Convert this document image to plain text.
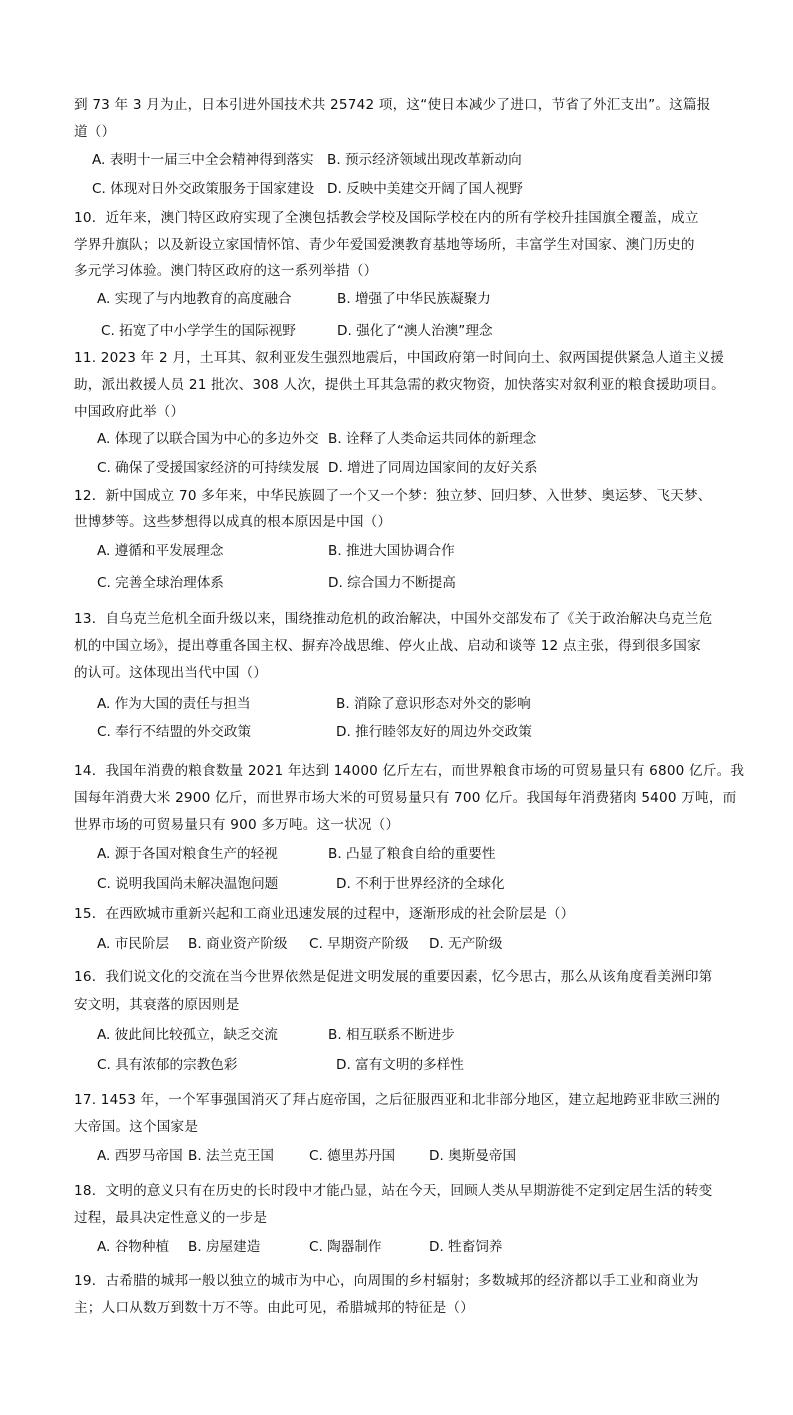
到 73 年 3 月为止，日本引进外国技术共 25742 项，这“使日本减少了进口，节省了外汇支出”。这篇报
道（）
A. 表明十一届三中全会精神得到落实 B. 预示经济领域出现改革新动向
C. 体现对日外交政策服务于国家建设 D. 反映中美建交开阔了国人视野
10．近年来，澳门特区政府实现了全澳包括教会学校及国际学校在内的所有学校升挂国旗全覆盖，成立
学界升旗队；以及新设立家国情怀馆、青少年爱国爱澳教育基地等场所，丰富学生对国家、澳门历史的
多元学习体验。澳门特区政府的这一系列举措（）
A. 实现了与内地教育的高度融合	B. 增强了中华民族凝聚力
C. 拓宽了中小学学生的国际视野	D. 强化了“澳人治澳”理念
11. 2023 年 2 月，土耳其、叙利亚发生强烈地震后，中国政府第一时间向土、叙两国提供紧急人道主义援
助，派出救援人员 21 批次、308 人次，提供土耳其急需的救灾物资，加快落实对叙利亚的粮食援助项目。
中国政府此举（）
A. 体现了以联合国为中心的多边外交 B. 诠释了人类命运共同体的新理念
C. 确保了受援国家经济的可持续发展 D. 增进了同周边国家间的友好关系
12．新中国成立 70 多年来，中华民族圆了一个又一个梦：独立梦、回归梦、入世梦、奥运梦、飞天梦、
世博梦等。这些梦想得以成真的根本原因是中国（）
A. 遵循和平发展理念	B. 推进大国协调合作
C. 完善全球治理体系	D. 综合国力不断提高
13．自乌克兰危机全面升级以来，围绕推动危机的政治解决，中国外交部发布了《关于政治解决乌克兰危
机的中国立场》，提出尊重各国主权、摒弃冷战思维、停火止战、启动和谈等 12 点主张，得到很多国家
的认可。这体现出当代中国（）
A. 作为大国的责任与担当	B. 消除了意识形态对外交的影响
C. 奉行不结盟的外交政策	D. 推行睦邻友好的周边外交政策
14．我国年消费的粮食数量 2021 年达到 14000 亿斤左右，而世界粮食市场的可贸易量只有 6800 亿斤。我
国每年消费大米 2900 亿斤，而世界市场大米的可贸易量只有 700 亿斤。我国每年消费猪肉 5400 万吨，而
世界市场的可贸易量只有 900 多万吨。这一状况（）
A. 源于各国对粮食生产的轻视	B. 凸显了粮食自给的重要性
C. 说明我国尚未解决温饱问题	D. 不利于世界经济的全球化
15．在西欧城市重新兴起和工商业迅速发展的过程中，逐渐形成的社会阶层是（）
A. 市民阶层 B. 商业资产阶级 C. 早期资产阶级 D. 无产阶级
16．我们说文化的交流在当今世界依然是促进文明发展的重要因素，忆今思古，那么从该角度看美洲印第
安文明，其衰落的原因则是
A. 彼此间比较孤立，缺乏交流	B. 相互联系不断进步
C. 具有浓郁的宗教色彩	D. 富有文明的多样性
17. 1453 年，一个军事强国消灭了拜占庭帝国，之后征服西亚和北非部分地区，建立起地跨亚非欧三洲的
大帝国。这个国家是
A. 西罗马帝国 B. 法兰克王国	C. 德里苏丹国 D. 奥斯曼帝国
18．文明的意义只有在历史的长时段中才能凸显，站在今天，回顾人类从早期游徙不定到定居生活的转变
过程，最具决定性意义的一步是
A. 谷物种植 B. 房屋建造	C. 陶器制作	D. 牲畜饲养
19．古希腊的城邦一般以独立的城市为中心，向周围的乡村辐射；多数城邦的经济都以手工业和商业为
主；人口从数万到数十万不等。由此可见，希腊城邦的特征是（）
